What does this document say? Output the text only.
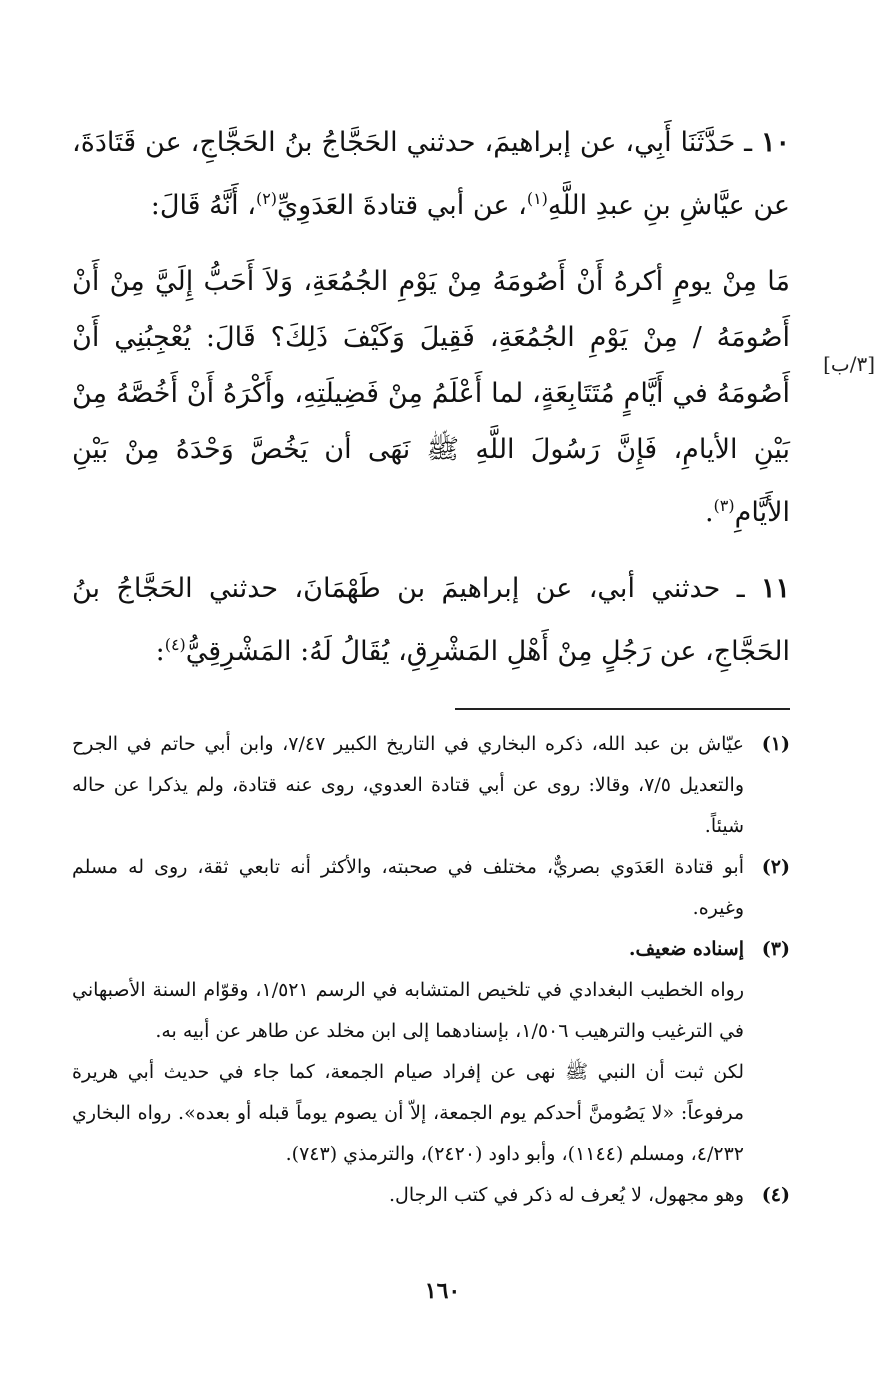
[٣/ب]

١٠ ـ حَدَّثَنَا أَبِي، عن إبراهيمَ، حدثني الحَجَّاجُ بنُ الحَجَّاجِ، عن قَتَادَةَ، عن عيَّاشِ بنِ عبدِ اللَّهِ$^{(١)}$، عن أبي قتادةَ العَدَوِيِّ$^{(٢)}$، أَنَّهُ قَالَ:

مَا مِنْ يومٍ أكرهُ أَنْ أَصُومَهُ مِنْ يَوْمِ الجُمُعَةِ، وَلاَ أَحَبُّ إِلَيَّ مِنْ أَنْ أَصُومَهُ / مِنْ يَوْمِ الجُمُعَةِ، فَقِيلَ وَكَيْفَ ذَلِكَ؟ قَالَ: يُعْجِبُنِي أَنْ أَصُومَهُ في أَيَّامٍ مُتَتَابِعَةٍ، لما أَعْلَمُ مِنْ فَضِيلَتِهِ، وأَكْرَهُ أَنْ أَخُصَّهُ مِنْ بَيْنِ الأيامِ، فَإِنَّ رَسُولَ اللَّهِ ﷺ نَهَى أن يَخُصَّ وَحْدَهُ مِنْ بَيْنِ الأَيَّامِ$^{(٣)}$.

١١ ـ حدثني أبي، عن إبراهيمَ بن طَهْمَانَ، حدثني الحَجَّاجُ بنُ الحَجَّاجِ، عن رَجُلٍ مِنْ أَهْلِ المَشْرِقِ، يُقَالُ لَهُ: المَشْرِقِيُّ$^{(٤)}$:

(١)

عيّاش بن عبد الله، ذكره البخاري في التاريخ الكبير ٧/٤٧، وابن أبي حاتم في الجرح والتعديل ٧/٥، وقالا: روى عن أبي قتادة العدوي، روى عنه قتادة، ولم يذكرا عن حاله شيئاً.

(٢)

أبو قتادة العَدَوي بصريٌّ، مختلف في صحبته، والأكثر أنه تابعي ثقة، روى له مسلم وغيره.

(٣)

إسناده ضعيف.

رواه الخطيب البغدادي في تلخيص المتشابه في الرسم ١/٥٢١، وقوّام السنة الأصبهاني في الترغيب والترهيب ١/٥٠٦، بإسنادهما إلى ابن مخلد عن طاهر عن أبيه به.

لكن ثبت أن النبي ﷺ نهى عن إفراد صيام الجمعة، كما جاء في حديث أبي هريرة مرفوعاً: «لا يَصُومنَّ أحدكم يوم الجمعة، إلاّ أن يصوم يوماً قبله أو بعده». رواه البخاري ٤/٢٣٢، ومسلم (١١٤٤)، وأبو داود (٢٤٢٠)، والترمذي (٧٤٣).

(٤)

وهو مجهول، لا يُعرف له ذكر في كتب الرجال.

١٦٠
